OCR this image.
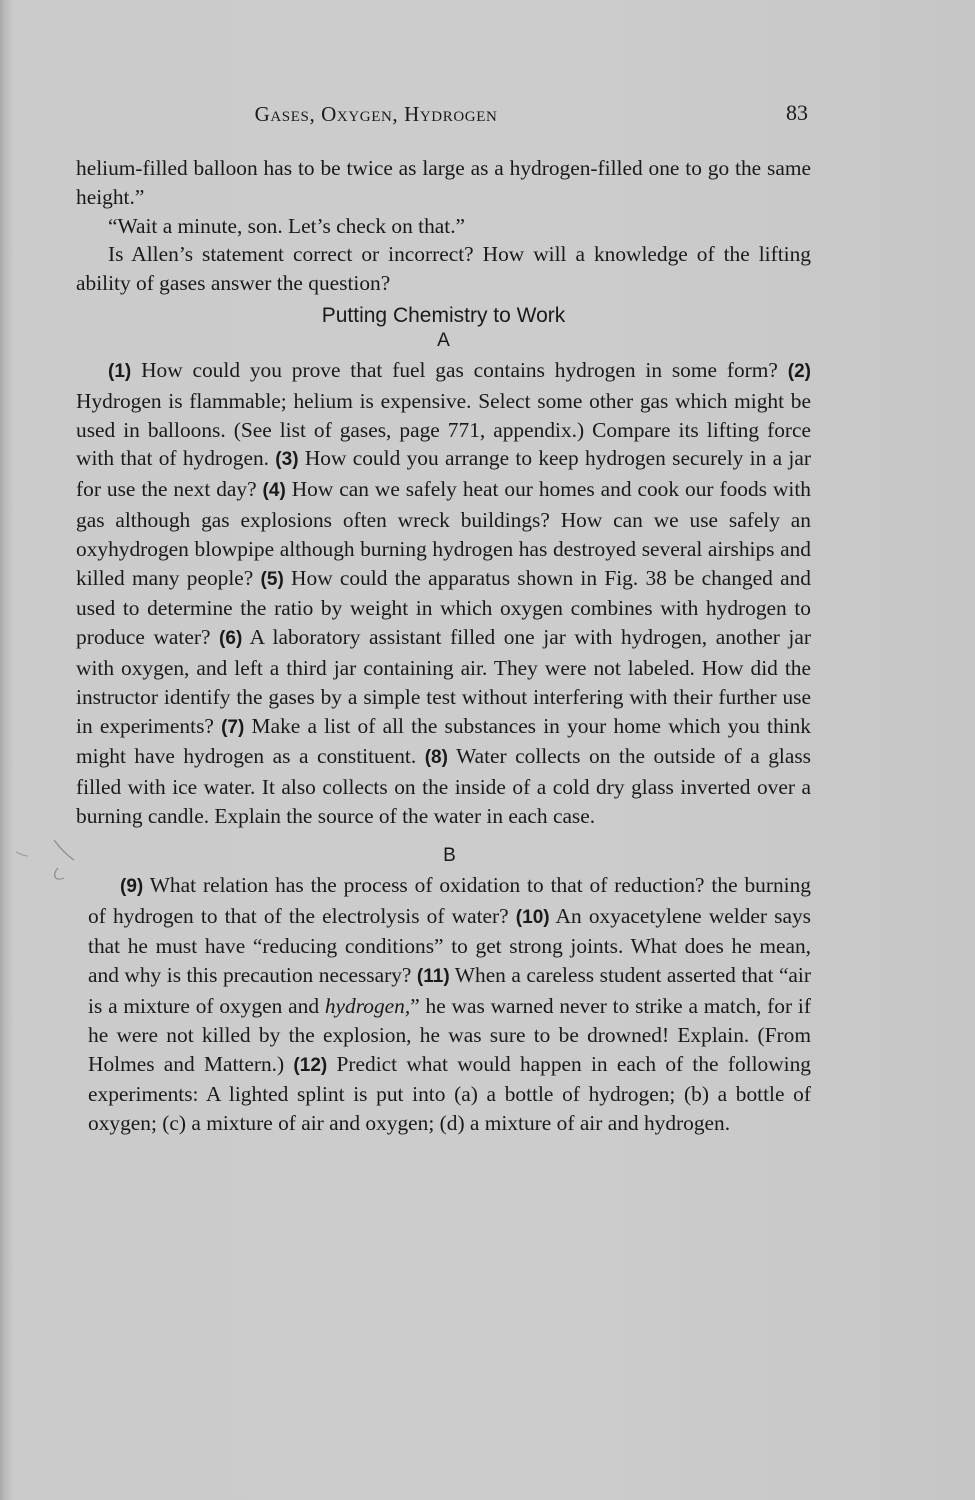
Gases, Oxygen, Hydrogen	83

helium-filled balloon has to be twice as large as a hydrogen-filled one to go the same height.”

“Wait a minute, son. Let’s check on that.”

Is Allen’s statement correct or incorrect? How will a knowledge of the lifting ability of gases answer the question?

Putting Chemistry to Work
A

(1) How could you prove that fuel gas contains hydrogen in some form? (2) Hydrogen is flammable; helium is expensive. Select some other gas which might be used in balloons. (See list of gases, page 771, appendix.) Compare its lifting force with that of hydrogen. (3) How could you arrange to keep hydrogen securely in a jar for use the next day? (4) How can we safely heat our homes and cook our foods with gas although gas explosions often wreck buildings? How can we use safely an oxyhydrogen blowpipe although burning hydrogen has destroyed several airships and killed many people? (5) How could the apparatus shown in Fig. 38 be changed and used to determine the ratio by weight in which oxygen combines with hydrogen to produce water? (6) A laboratory assistant filled one jar with hydrogen, another jar with oxygen, and left a third jar containing air. They were not labeled. How did the instructor identify the gases by a simple test without interfering with their further use in experiments? (7) Make a list of all the substances in your home which you think might have hydrogen as a constituent. (8) Water collects on the outside of a glass filled with ice water. It also collects on the inside of a cold dry glass inverted over a burning candle. Explain the source of the water in each case.

B

(9) What relation has the process of oxidation to that of reduction? the burning of hydrogen to that of the electrolysis of water? (10) An oxyacetylene welder says that he must have “reducing conditions” to get strong joints. What does he mean, and why is this precaution necessary? (11) When a careless student asserted that “air is a mixture of oxygen and hydrogen,” he was warned never to strike a match, for if he were not killed by the explosion, he was sure to be drowned! Explain. (From Holmes and Mattern.) (12) Predict what would happen in each of the following experiments: A lighted splint is put into (a) a bottle of hydrogen; (b) a bottle of oxygen; (c) a mixture of air and oxygen; (d) a mixture of air and hydrogen.
